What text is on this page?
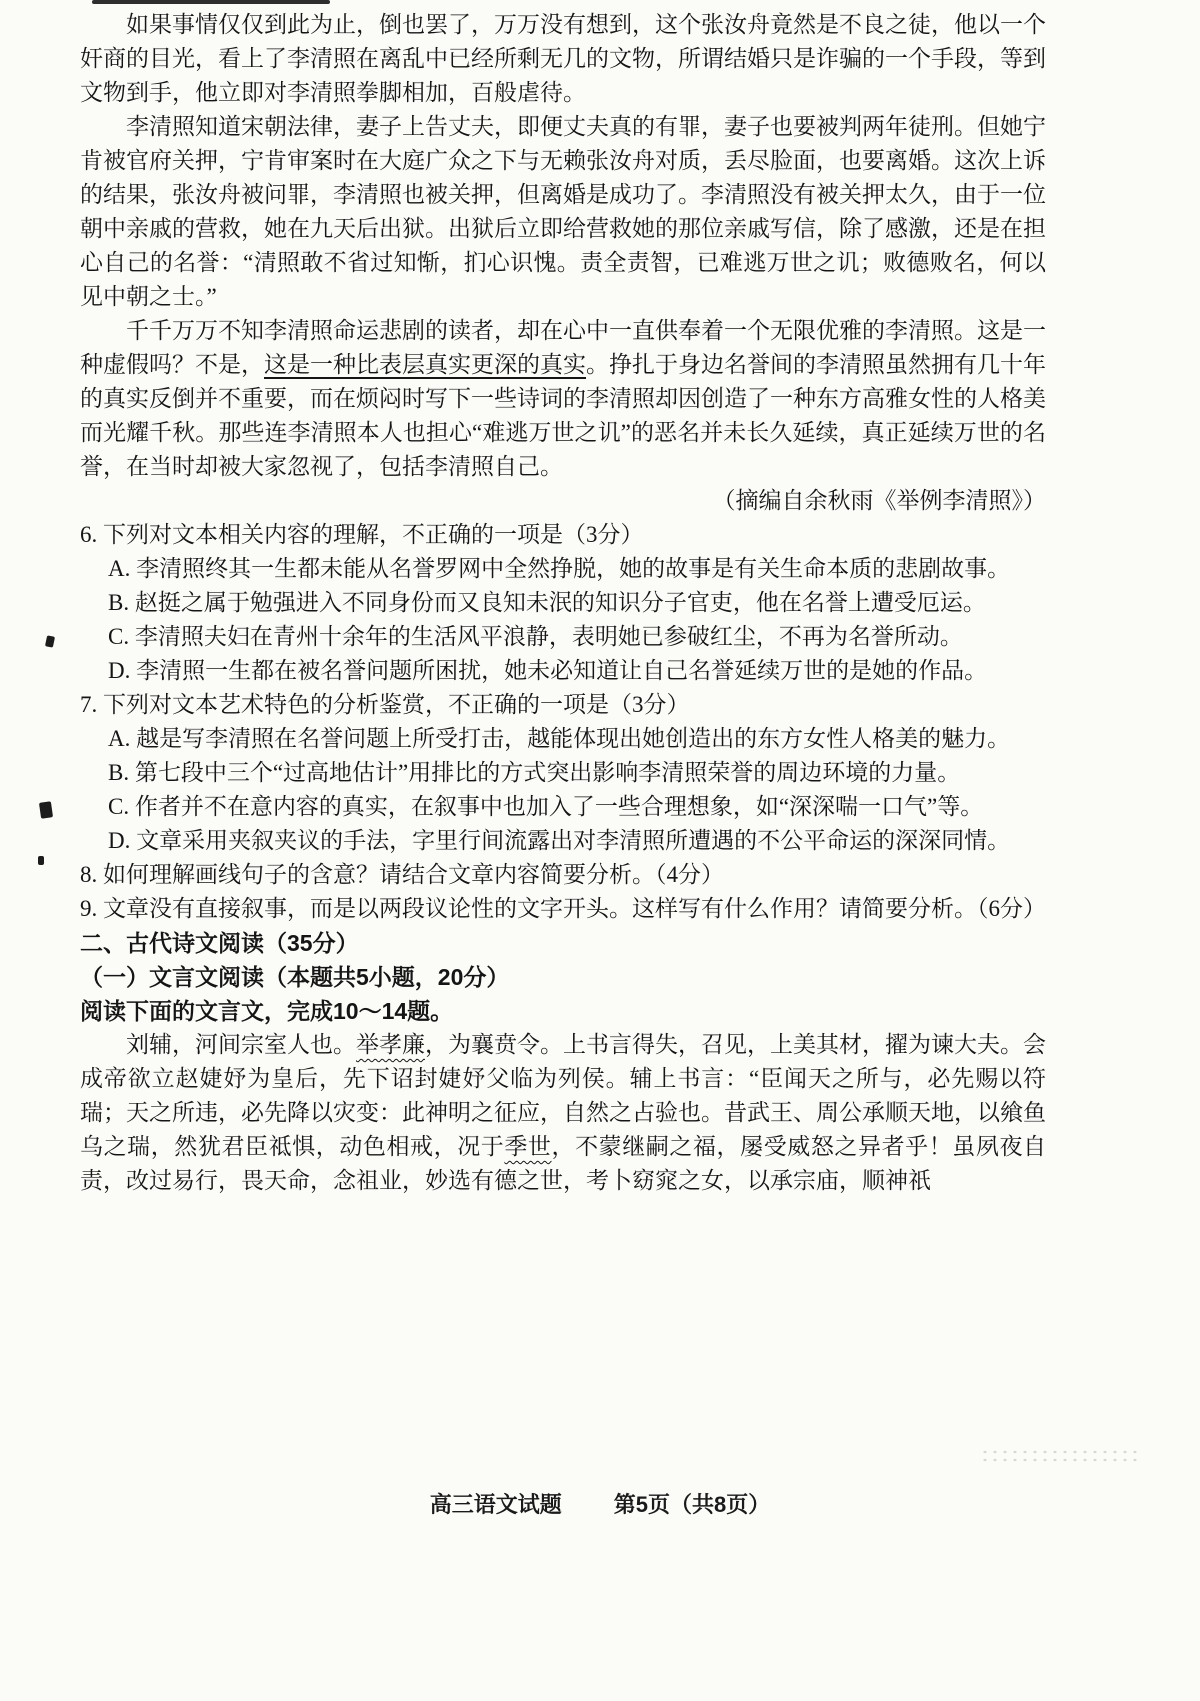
如果事情仅仅到此为止，倒也罢了，万万没有想到，这个张汝舟竟然是不良之徒，他以一个奸商的目光，看上了李清照在离乱中已经所剩无几的文物，所谓结婚只是诈骗的一个手段，等到文物到手，他立即对李清照拳脚相加，百般虐待。

李清照知道宋朝法律，妻子上告丈夫，即便丈夫真的有罪，妻子也要被判两年徒刑。但她宁肯被官府关押，宁肯审案时在大庭广众之下与无赖张汝舟对质，丢尽脸面，也要离婚。这次上诉的结果，张汝舟被问罪，李清照也被关押，但离婚是成功了。李清照没有被关押太久，由于一位朝中亲戚的营救，她在九天后出狱。出狱后立即给营救她的那位亲戚写信，除了感激，还是在担心自己的名誉：“清照敢不省过知惭，扪心识愧。责全责智，已难逃万世之讥；败德败名，何以见中朝之士。”

千千万万不知李清照命运悲剧的读者，却在心中一直供奉着一个无限优雅的李清照。这是一种虚假吗？不是，这是一种比表层真实更深的真实。挣扎于身边名誉间的李清照虽然拥有几十年的真实反倒并不重要，而在烦闷时写下一些诗词的李清照却因创造了一种东方高雅女性的人格美而光耀千秋。那些连李清照本人也担心“难逃万世之讥”的恶名并未长久延续，真正延续万世的名誉，在当时却被大家忽视了，包括李清照自己。

（摘编自余秋雨《举例李清照》）

6. 下列对文本相关内容的理解，不正确的一项是（3分）

A. 李清照终其一生都未能从名誉罗网中全然挣脱，她的故事是有关生命本质的悲剧故事。

B. 赵挺之属于勉强进入不同身份而又良知未泯的知识分子官吏，他在名誉上遭受厄运。

C. 李清照夫妇在青州十余年的生活风平浪静，表明她已参破红尘，不再为名誉所动。

D. 李清照一生都在被名誉问题所困扰，她未必知道让自己名誉延续万世的是她的作品。

7. 下列对文本艺术特色的分析鉴赏，不正确的一项是（3分）

A. 越是写李清照在名誉问题上所受打击，越能体现出她创造出的东方女性人格美的魅力。

B. 第七段中三个“过高地估计”用排比的方式突出影响李清照荣誉的周边环境的力量。

C. 作者并不在意内容的真实，在叙事中也加入了一些合理想象，如“深深喘一口气”等。

D. 文章采用夹叙夹议的手法，字里行间流露出对李清照所遭遇的不公平命运的深深同情。

8. 如何理解画线句子的含意？请结合文章内容简要分析。（4分）

9. 文章没有直接叙事，而是以两段议论性的文字开头。这样写有什么作用？请简要分析。（6分）

二、古代诗文阅读（35分）

（一）文言文阅读（本题共5小题，20分）

阅读下面的文言文，完成10～14题。

刘辅，河间宗室人也。举孝廉，为襄贲令。上书言得失，召见，上美其材，擢为谏大夫。会成帝欲立赵婕妤为皇后，先下诏封婕妤父临为列侯。辅上书言：“臣闻天之所与，必先赐以符瑞；天之所违，必先降以灾变：此神明之征应，自然之占验也。昔武王、周公承顺天地，以飨鱼乌之瑞，然犹君臣祗惧，动色相戒，况于季世，不蒙继嗣之福，屡受威怒之异者乎！虽夙夜自责，改过易行，畏天命，念祖业，妙选有德之世，考卜窈窕之女，以承宗庙，顺神祇

高三语文试题 第5页（共8页）
